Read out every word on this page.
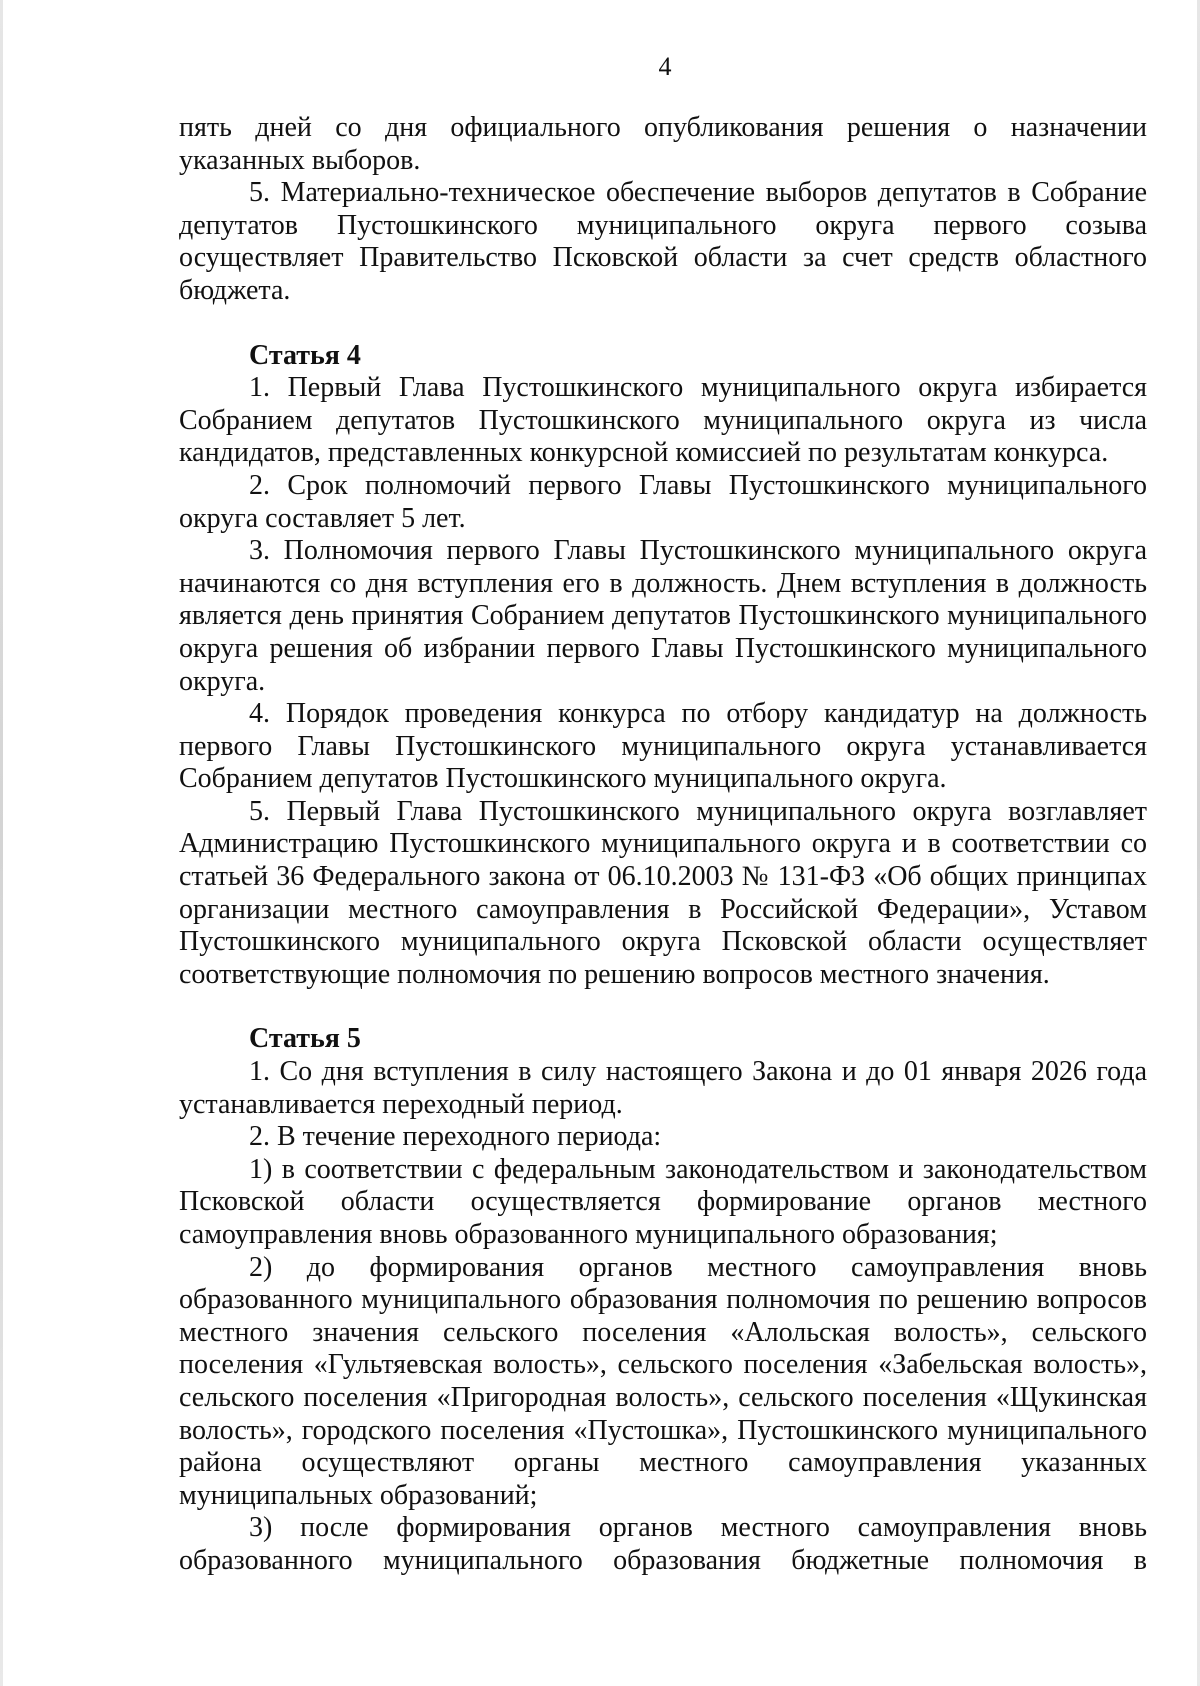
4

пять дней со дня официального опубликования решения о назначении указанных выборов.

5. Материально-техническое обеспечение выборов депутатов в Собрание депутатов Пустошкинского муниципального округа первого созыва осуществляет Правительство Псковской области за счет средств областного бюджета.

Статья 4

1. Первый Глава Пустошкинского муниципального округа избирается Собранием депутатов Пустошкинского муниципального округа из числа кандидатов, представленных конкурсной комиссией по результатам конкурса.

2. Срок полномочий первого Главы Пустошкинского муниципального округа составляет 5 лет.

3. Полномочия первого Главы Пустошкинского муниципального округа начинаются со дня вступления его в должность. Днем вступления в должность является день принятия Собранием депутатов Пустошкинского муниципального округа решения об избрании первого Главы Пустошкинского муниципального округа.

4. Порядок проведения конкурса по отбору кандидатур на должность первого Главы Пустошкинского муниципального округа устанавливается Собранием депутатов Пустошкинского муниципального округа.

5. Первый Глава Пустошкинского муниципального округа возглавляет Администрацию Пустошкинского муниципального округа и в соответствии со статьей 36 Федерального закона от 06.10.2003 № 131-ФЗ «Об общих принципах организации местного самоуправления в Российской Федерации», Уставом Пустошкинского муниципального округа Псковской области осуществляет соответствующие полномочия по решению вопросов местного значения.

Статья 5

1. Со дня вступления в силу настоящего Закона и до 01 января 2026 года устанавливается переходный период.

2. В течение переходного периода:

1) в соответствии с федеральным законодательством и законодательством Псковской области осуществляется формирование органов местного самоуправления вновь образованного муниципального образования;

2) до формирования органов местного самоуправления вновь образованного муниципального образования полномочия по решению вопросов местного значения сельского поселения «Алольская волость», сельского поселения «Гультяевская волость», сельского поселения «Забельская волость», сельского поселения «Пригородная волость», сельского поселения «Щукинская волость», городского поселения «Пустошка», Пустошкинского муниципального района осуществляют органы местного самоуправления указанных муниципальных образований;

3) после формирования органов местного самоуправления вновь образованного муниципального образования бюджетные полномочия в
